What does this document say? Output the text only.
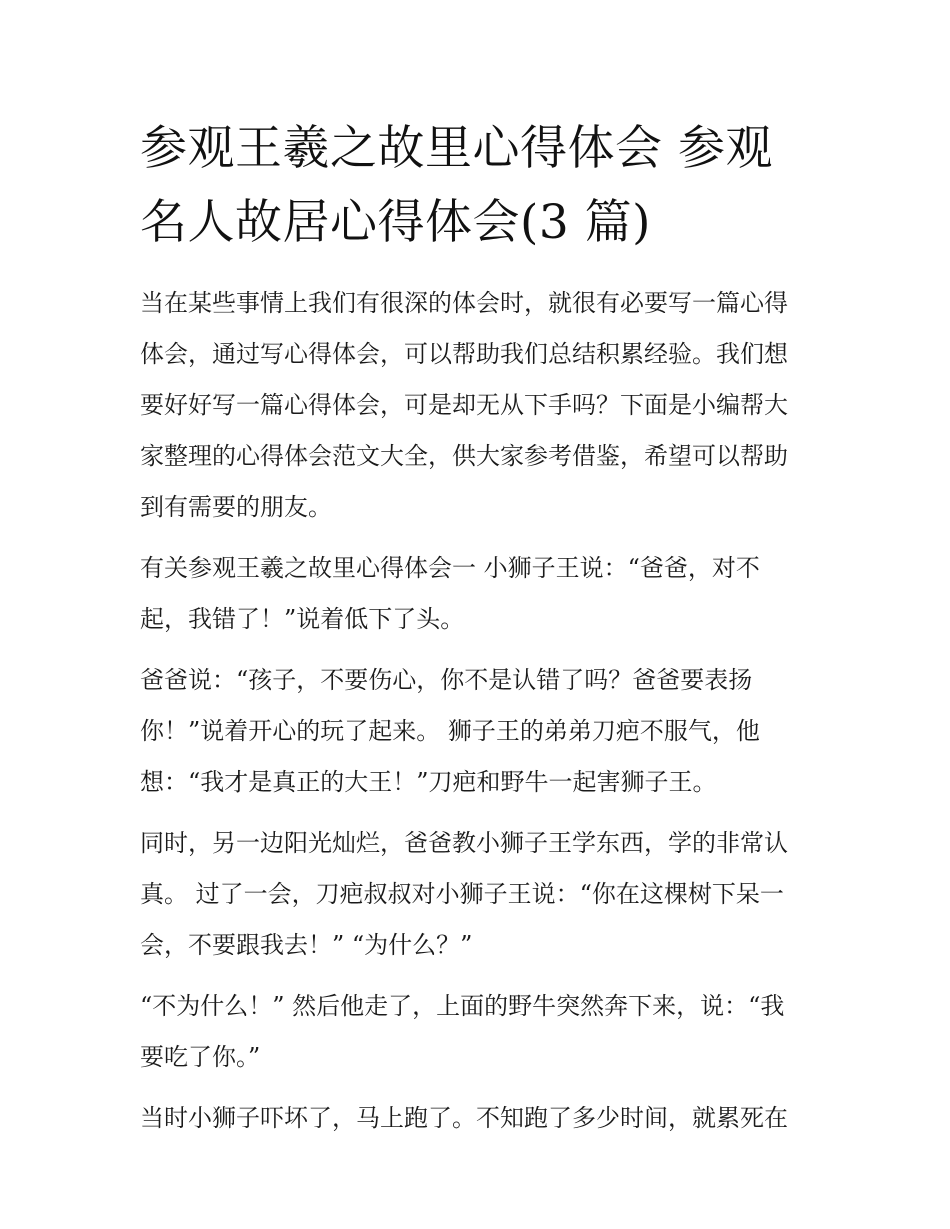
参观王羲之故里心得体会 参观
名人故居心得体会(3 篇)

当在某些事情上我们有很深的体会时，就很有必要写一篇心得
体会，通过写心得体会，可以帮助我们总结积累经验。我们想
要好好写一篇心得体会，可是却无从下手吗？下面是小编帮大
家整理的心得体会范文大全，供大家参考借鉴，希望可以帮助
到有需要的朋友。

有关参观王羲之故里心得体会一 小狮子王说：“爸爸，对不
起，我错了！”说着低下了头。

爸爸说：“孩子，不要伤心，你不是认错了吗？爸爸要表扬
你！”说着开心的玩了起来。 狮子王的弟弟刀疤不服气，他
想：“我才是真正的大王！”刀疤和野牛一起害狮子王。

同时，另一边阳光灿烂，爸爸教小狮子王学东西，学的非常认
真。 过了一会，刀疤叔叔对小狮子王说：“你在这棵树下呆一
会，不要跟我去！” “为什么？”

“不为什么！” 然后他走了，上面的野牛突然奔下来，说：“我
要吃了你。”

当时小狮子吓坏了，马上跑了。不知跑了多少时间，就累死在
